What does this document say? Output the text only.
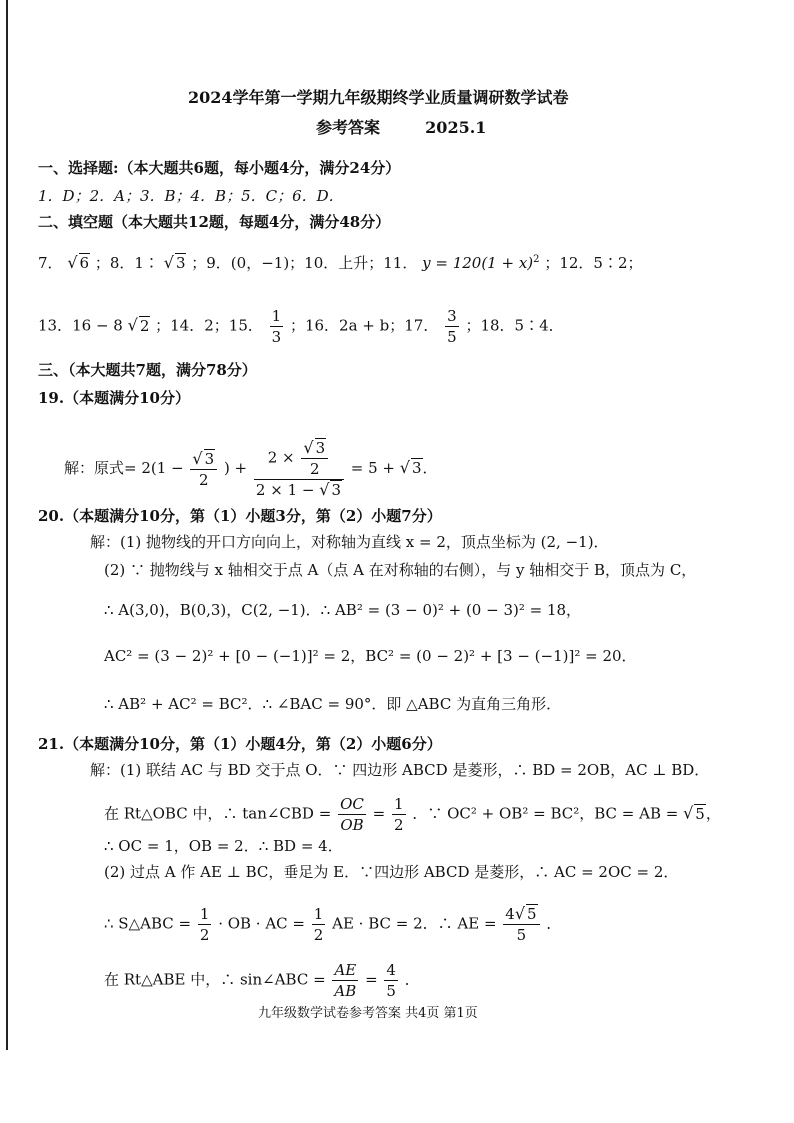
2024学年第一学期九年级期终学业质量调研数学试卷
参考答案	2025.1
一、选择题:（本大题共6题，每小题4分，满分24分）
1．D；2．A；3．B；4．B；5．C；6．D．
二、填空题（本大题共12题，每题4分，满分48分）
7． √ 6 ；8．1∶ √ 3 ；9．(0，−1)；10．上升；11． $y = 120(1 + x)^2$ ；12．5∶2；
13．16 − 8 √ 2 ；14．2；15． $\frac{1}{3}$ ；16．2a + b；17． $\frac{3}{5}$ ；18．5∶4．
三、（本大题共7题，满分78分）
19.（本题满分10分）
解：原式= $2(1 - \frac{√ 3}{2}$ ) + $\frac{2 \times \frac{√ 3}{2}}{2 \times 1 - √ 3} = 5$ + √ 3．
20.（本题满分10分，第（1）小题3分，第（2）小题7分）
解：(1) 抛物线的开口方向向上，对称轴为直线 x = 2，顶点坐标为 (2, −1)．
(2) ∵ 抛物线与 x 轴相交于点 A（点 A 在对称轴的右侧），与 y 轴相交于 B，顶点为 C，
∴ A(3,0)，B(0,3)，C(2, −1)．∴ AB² = (3 − 0)² + (0 − 3)² = 18，
AC² = (3 − 2)² + [0 − (−1)]² = 2，BC² = (0 − 2)² + [3 − (−1)]² = 20．
∴ AB² + AC² = BC²．∴ ∠BAC = 90°．即 △ABC 为直角三角形．
21.（本题满分10分，第（1）小题4分，第（2）小题6分）
解：(1) 联结 AC 与 BD 交于点 O．∵ 四边形 ABCD 是菱形，∴ BD = 2OB，AC ⊥ BD．
在 Rt△OBC 中，∴ tan∠CBD = $\frac{OC}{OB} = \frac{1}{2}$ ．∵ OC² + OB² = BC²，BC = AB = √ 5，
∴ OC = 1，OB = 2．∴ BD = 4．
(2) 过点 A 作 AE ⊥ BC，垂足为 E．∵四边形 ABCD 是菱形，∴ AC = 2OC = 2．
∴ S△ABC = $\frac{1}{2}$ · OB · AC = $\frac{1}{2}$ AE · BC = 2．∴ AE = $\frac{4√ 5}{5}$ ．
在 Rt△ABE 中，∴ sin∠ABC = $\frac{AE}{AB} = \frac{4}{5}$ ．
九年级数学试卷参考答案 共4页 第1页
